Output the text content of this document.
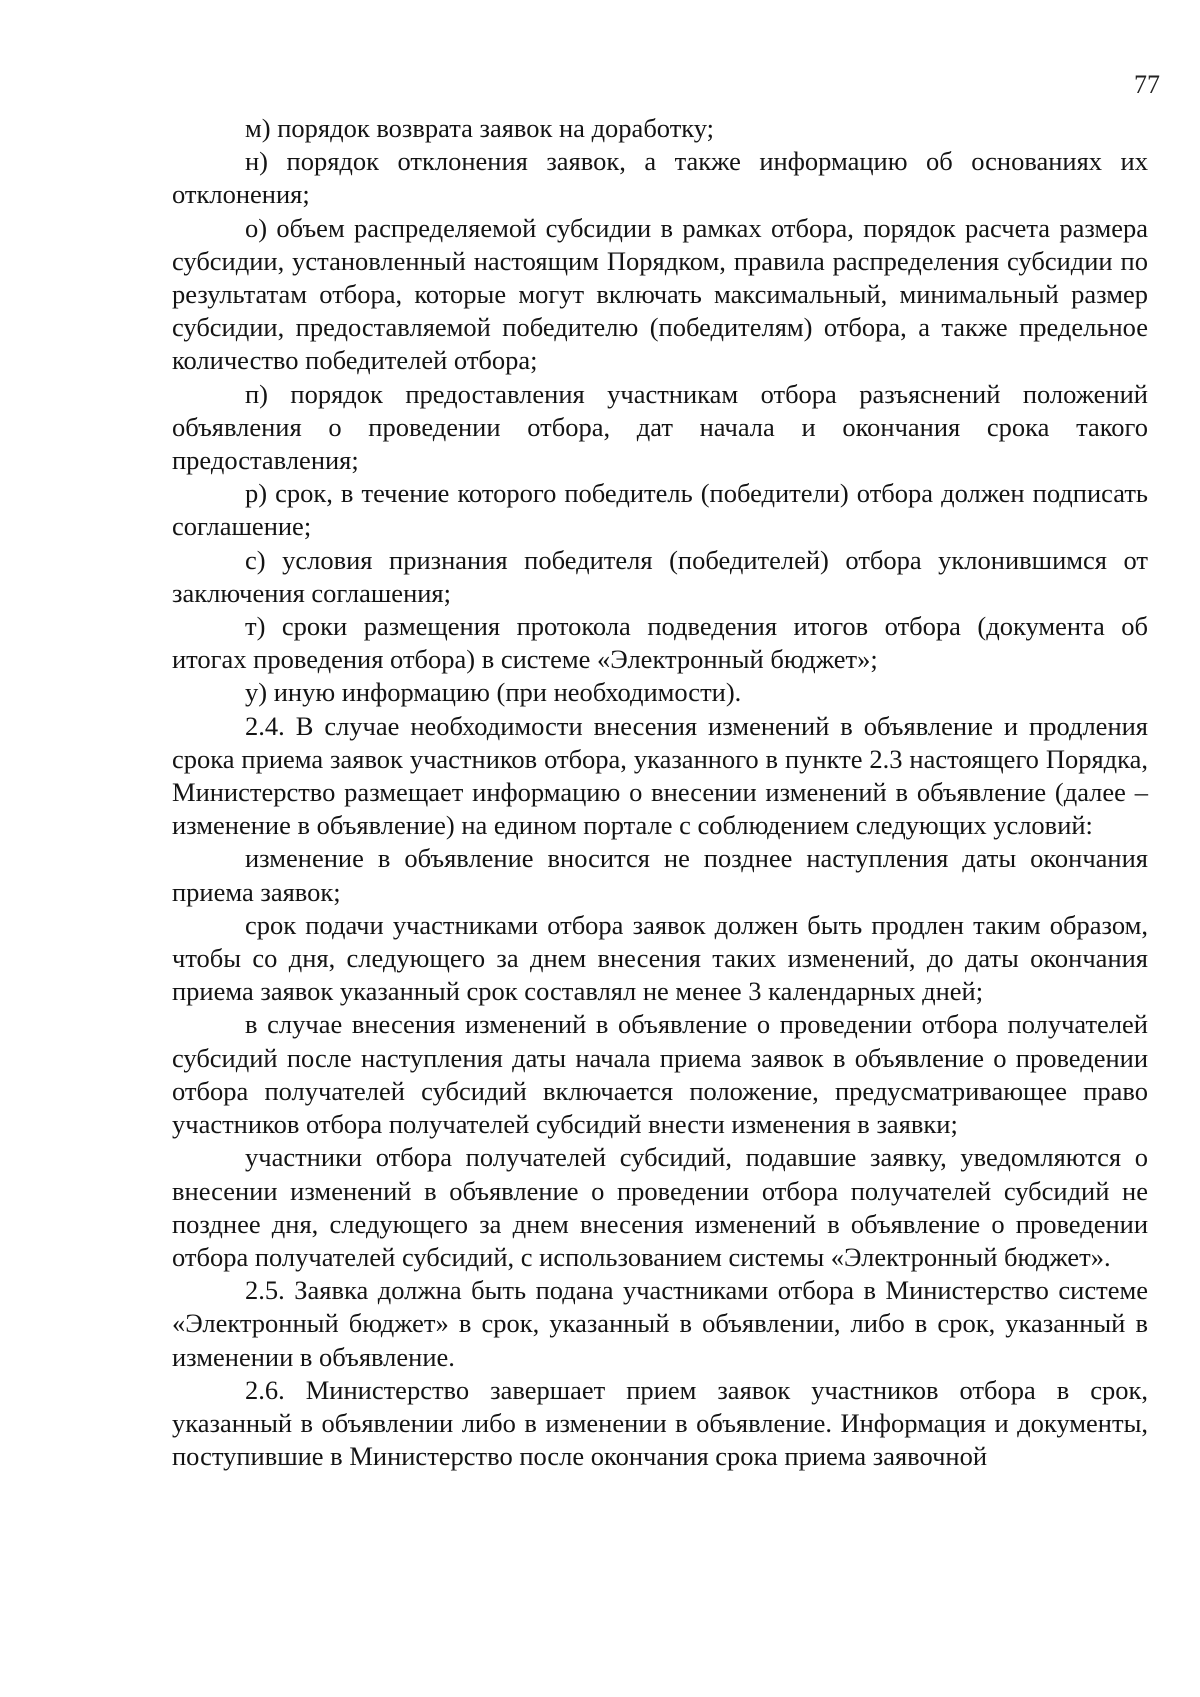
77

м) порядок возврата заявок на доработку;

н) порядок отклонения заявок, а также информацию об основаниях их отклонения;

о) объем распределяемой субсидии в рамках отбора, порядок расчета размера субсидии, установленный настоящим Порядком, правила распределения субсидии по результатам отбора, которые могут включать максимальный, минимальный размер субсидии, предоставляемой победителю (победителям) отбора, а также предельное количество победителей отбора;

п) порядок предоставления участникам отбора разъяснений положений объявления о проведении отбора, дат начала и окончания срока такого предоставления;

р) срок, в течение которого победитель (победители) отбора должен подписать соглашение;

с) условия признания победителя (победителей) отбора уклонившимся от заключения соглашения;

т) сроки размещения протокола подведения итогов отбора (документа об итогах проведения отбора) в системе «Электронный бюджет»;

у) иную информацию (при необходимости).

2.4. В случае необходимости внесения изменений в объявление и продления срока приема заявок участников отбора, указанного в пункте 2.3 настоящего Порядка, Министерство размещает информацию о внесении изменений в объявление (далее – изменение в объявление) на едином портале с соблюдением следующих условий:

изменение в объявление вносится не позднее наступления даты окончания приема заявок;

срок подачи участниками отбора заявок должен быть продлен таким образом, чтобы со дня, следующего за днем внесения таких изменений, до даты окончания приема заявок указанный срок составлял не менее 3 календарных дней;

в случае внесения изменений в объявление о проведении отбора получателей субсидий после наступления даты начала приема заявок в объявление о проведении отбора получателей субсидий включается положение, предусматривающее право участников отбора получателей субсидий внести изменения в заявки;

участники отбора получателей субсидий, подавшие заявку, уведомляются о внесении изменений в объявление о проведении отбора получателей субсидий не позднее дня, следующего за днем внесения изменений в объявление о проведении отбора получателей субсидий, с использованием системы «Электронный бюджет».

2.5. Заявка должна быть подана участниками отбора в Министерство системе «Электронный бюджет» в срок, указанный в объявлении, либо в срок, указанный в изменении в объявление.

2.6. Министерство завершает прием заявок участников отбора в срок, указанный в объявлении либо в изменении в объявление. Информация и документы, поступившие в Министерство после окончания срока приема заявочной
